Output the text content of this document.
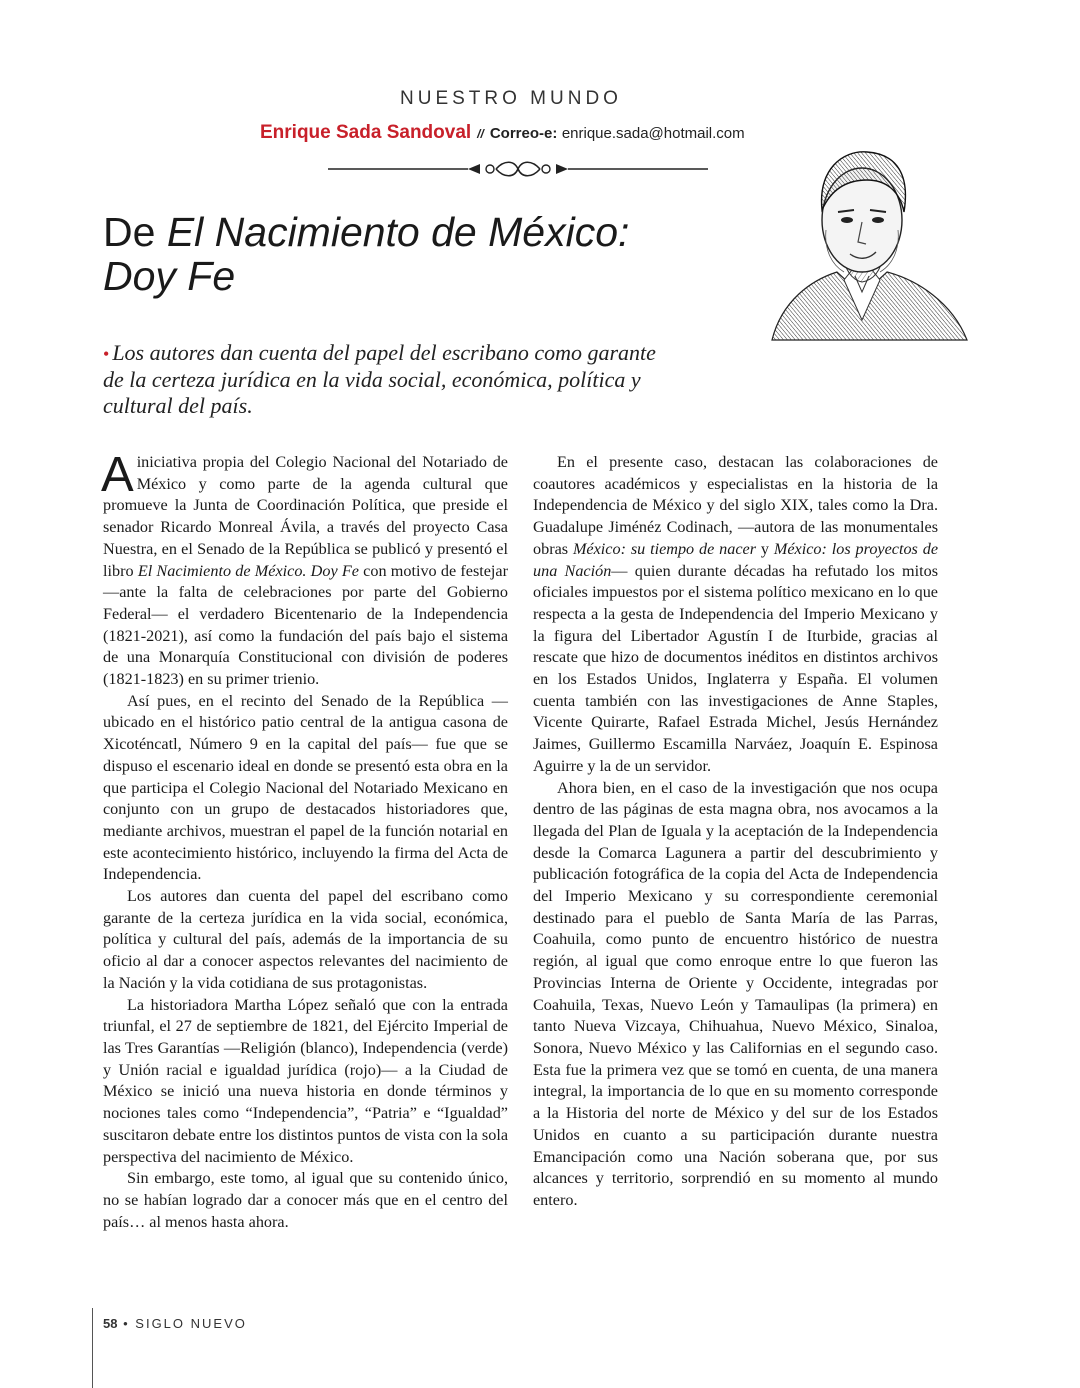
NUESTRO MUNDO
Enrique Sada Sandoval // Correo-e: enrique.sada@hotmail.com
De El Nacimiento de México: Doy Fe

• Los autores dan cuenta del papel del escribano como garante de la certeza jurídica en la vida social, económica, política y cultural del país.

Ainiciativa propia del Colegio Nacional del Notariado de México y como parte de la agenda cultural que promueve la Junta de Coordinación Política, que preside el senador Ricardo Monreal Ávila, a través del proyecto Casa Nuestra, en el Senado de la República se publicó y presentó el libro El Nacimiento de México. Doy Fe con motivo de festejar —ante la falta de celebraciones por parte del Gobierno Federal— el verdadero Bicentenario de la Independencia (1821-2021), así como la fundación del país bajo el sistema de una Monarquía Constitucional con división de poderes (1821-1823) en su primer trienio.

Así pues, en el recinto del Senado de la República —ubicado en el histórico patio central de la antigua casona de Xicoténcatl, Número 9 en la capital del país— fue que se dispuso el escenario ideal en donde se presentó esta obra en la que participa el Colegio Nacional del Notariado Mexicano en conjunto con un grupo de destacados historiadores que, mediante archivos, muestran el papel de la función notarial en este acontecimiento histórico, incluyendo la firma del Acta de Independencia.

Los autores dan cuenta del papel del escribano como garante de la certeza jurídica en la vida social, económica, política y cultural del país, además de la importancia de su oficio al dar a conocer aspectos relevantes del nacimiento de la Nación y la vida cotidiana de sus protagonistas.

La historiadora Martha López señaló que con la entrada triunfal, el 27 de septiembre de 1821, del Ejército Imperial de las Tres Garantías —Religión (blanco), Independencia (verde) y Unión racial e igualdad jurídica (rojo)— a la Ciudad de México se inició una nueva historia en donde términos y nociones tales como “Independencia”, “Patria” e “Igualdad” suscitaron debate entre los distintos puntos de vista con la sola perspectiva del nacimiento de México.

Sin embargo, este tomo, al igual que su contenido único, no se habían logrado dar a conocer más que en el centro del país… al menos hasta ahora.

En el presente caso, destacan las colaboraciones de coautores académicos y especialistas en la historia de la Independencia de México y del siglo XIX, tales como la Dra. Guadalupe Jiménéz Codinach, —autora de las monumentales obras México: su tiempo de nacer y México: los proyectos de una Nación— quien durante décadas ha refutado los mitos oficiales impuestos por el sistema político mexicano en lo que respecta a la gesta de Independencia del Imperio Mexicano y la figura del Libertador Agustín I de Iturbide, gracias al rescate que hizo de documentos inéditos en distintos archivos en los Estados Unidos, Inglaterra y España. El volumen cuenta también con las investigaciones de Anne Staples, Vicente Quirarte, Rafael Estrada Michel, Jesús Hernández Jaimes, Guillermo Escamilla Narváez, Joaquín E. Espinosa Aguirre y la de un servidor.

Ahora bien, en el caso de la investigación que nos ocupa dentro de las páginas de esta magna obra, nos avocamos a la llegada del Plan de Iguala y la aceptación de la Independencia desde la Comarca Lagunera a partir del descubrimiento y publicación fotográfica de la copia del Acta de Independencia del Imperio Mexicano y su correspondiente ceremonial destinado para el pueblo de Santa María de las Parras, Coahuila, como punto de encuentro histórico de nuestra región, al igual que como enroque entre lo que fueron las Provincias Interna de Oriente y Occidente, integradas por Coahuila, Texas, Nuevo León y Tamaulipas (la primera) en tanto Nueva Vizcaya, Chihuahua, Nuevo México, Sinaloa, Sonora, Nuevo México y las Californias en el segundo caso. Esta fue la primera vez que se tomó en cuenta, de una manera integral, la importancia de lo que en su momento corresponde a la Historia del norte de México y del sur de los Estados Unidos en cuanto a su participación durante nuestra Emancipación como una Nación soberana que, por sus alcances y territorio, sorprendió en su momento al mundo entero.

58 • SIGLO NUEVO
